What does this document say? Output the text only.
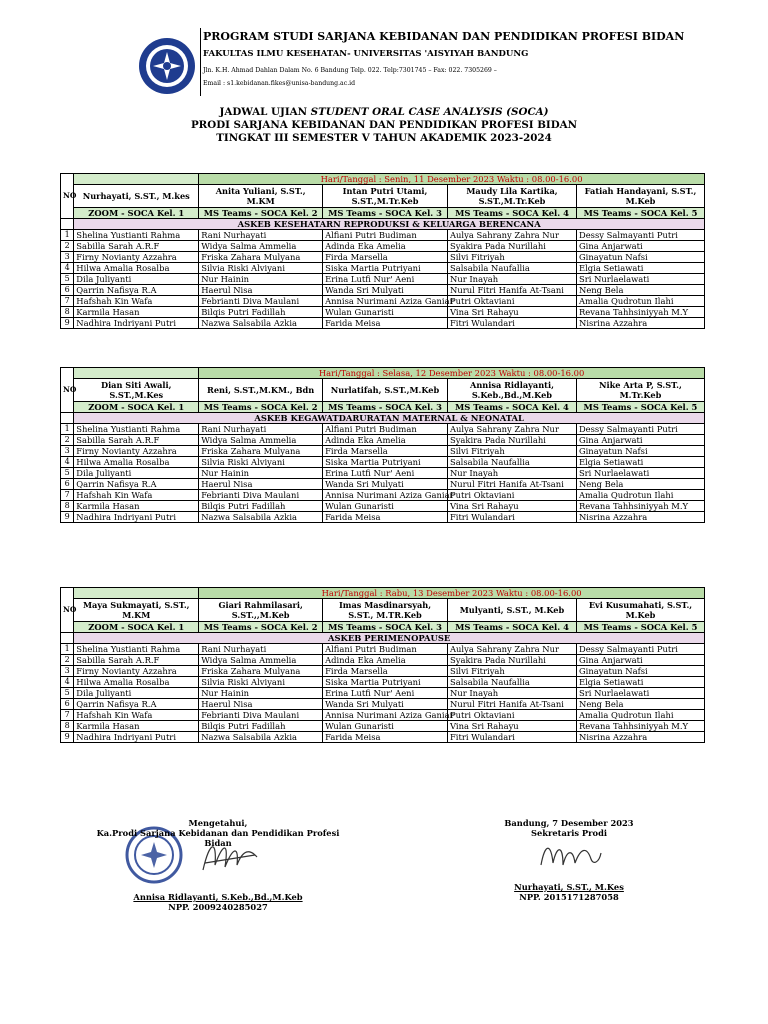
PROGRAM STUDI SARJANA KEBIDANAN DAN PENDIDIKAN PROFESI BIDAN
FAKULTAS ILMU KESEHATAN- UNIVERSITAS 'AISYIYAH BANDUNG
Jln. K.H. Ahmad Dahlan Dalam No. 6 Bandung Telp. 022. Telp:7301745 – Fax: 022. 7305269 –
Email : s1.kebidanan.fikes@unisa-bandung.ac.id
JADWAL UJIAN STUDENT ORAL CASE ANALYSIS (SOCA)
PRODI SARJANA KEBIDANAN DAN PENDIDIKAN PROFESI BIDAN
TINGKAT III SEMESTER V TAHUN AKADEMIK 2023-2024
NO		Hari/Tanggal : Senin, 11 Desember 2023 Waktu : 08.00-16.00			
	Nurhayati, S.ST., M.kes	Anita Yuliani, S.ST., M.KM	Intan Putri Utami, S.ST.,M.Tr.Keb	Maudy Lila Kartika, S.ST.,M.Tr.Keb	Fatiah Handayani, S.ST., M.Keb
	ZOOM - SOCA Kel. 1	MS Teams - SOCA Kel. 2	MS Teams - SOCA Kel. 3	MS Teams - SOCA Kel. 4	MS Teams - SOCA Kel. 5
	ASKEB KESEHATARN REPRODUKSI & KELUARGA BERENCANA				
1	Shelina Yustianti Rahma	Rani Nurhayati	Alfiani Putri Budiman	Aulya Sahrany Zahra Nur	Dessy Salmayanti Putri
2	Sabilla Sarah A.R.F	Widya Salma Ammelia	Adinda Eka Amelia	Syakira Pada Nurillahi	Gina Anjarwati
3	Firny Novianty Azzahra	Friska Zahara Mulyana	Firda Marsella	Silvi Fitriyah	Ginayatun Nafsi
4	Hilwa Amalia Rosalba	Silvia Riski Alviyani	Siska Martia Putriyani	Salsabila Naufallia	Elgia Setiawati
5	Dila Juliyanti	Nur Hainin	Erina Lutfi Nur' Aeni	Nur Inayah	Sri Nurlaelawati
6	Qarrin Nafisya R.A	Haerul Nisa	Wanda Sri Mulyati	Nurul Fitri Hanifa At-Tsani	Neng Bela
7	Hafshah Kin Wafa	Febrianti Diva Maulani	Annisa Nurimani Aziza Ganiar	Putri Oktaviani	Amalia Qudrotun Ilahi
8	Karmila Hasan	Bilqis Putri Fadillah	Wulan Gunaristi	Vina Sri Rahayu	Revana Tahhsiniyyah M.Y
9	Nadhira Indriyani Putri	Nazwa Salsabila Azkia	Farida Meisa	Fitri Wulandari	Nisrina Azzahra
NO		Hari/Tanggal : Selasa, 12 Desember 2023 Waktu : 08.00-16.00			
	Dian Siti Awali, S.ST.,M.Kes	Reni, S.ST.,M.KM., Bdn	Nurlatifah, S.ST.,M.Keb	Annisa Ridlayanti, S.Keb.,Bd.,M.Keb	Nike Arta P, S.ST., M.Tr.Keb
	ZOOM - SOCA Kel. 1	MS Teams - SOCA Kel. 2	MS Teams - SOCA Kel. 3	MS Teams - SOCA Kel. 4	MS Teams - SOCA Kel. 5
	ASKEB KEGAWATDARURATAN MATERNAL & NEONATAL				
1	Shelina Yustianti Rahma	Rani Nurhayati	Alfiani Putri Budiman	Aulya Sahrany Zahra Nur	Dessy Salmayanti Putri
2	Sabilla Sarah A.R.F	Widya Salma Ammelia	Adinda Eka Amelia	Syakira Pada Nurillahi	Gina Anjarwati
3	Firny Novianty Azzahra	Friska Zahara Mulyana	Firda Marsella	Silvi Fitriyah	Ginayatun Nafsi
4	Hilwa Amalia Rosalba	Silvia Riski Alviyani	Siska Martia Putriyani	Salsabila Naufallia	Elgia Setiawati
5	Dila Juliyanti	Nur Hainin	Erina Lutfi Nur' Aeni	Nur Inayah	Sri Nurlaelawati
6	Qarrin Nafisya R.A	Haerul Nisa	Wanda Sri Mulyati	Nurul Fitri Hanifa At-Tsani	Neng Bela
7	Hafshah Kin Wafa	Febrianti Diva Maulani	Annisa Nurimani Aziza Ganiar	Putri Oktaviani	Amalia Qudrotun Ilahi
8	Karmila Hasan	Bilqis Putri Fadillah	Wulan Gunaristi	Vina Sri Rahayu	Revana Tahhsiniyyah M.Y
9	Nadhira Indriyani Putri	Nazwa Salsabila Azkia	Farida Meisa	Fitri Wulandari	Nisrina Azzahra
NO		Hari/Tanggal : Rabu, 13 Desember 2023 Waktu : 08.00-16.00			
	Maya Sukmayati, S.ST., M.KM	Giari Rahmilasari, S.ST.,,M.Keb	Imas Masdinarsyah, S.ST., M.TR.Keb	Mulyanti, S.ST., M.Keb	Evi Kusumahati, S.ST., M.Keb
	ZOOM - SOCA Kel. 1	MS Teams - SOCA Kel. 2	MS Teams - SOCA Kel. 3	MS Teams - SOCA Kel. 4	MS Teams - SOCA Kel. 5
	ASKEB PERIMENOPAUSE				
1	Shelina Yustianti Rahma	Rani Nurhayati	Alfiani Putri Budiman	Aulya Sahrany Zahra Nur	Dessy Salmayanti Putri
2	Sabilla Sarah A.R.F	Widya Salma Ammelia	Adinda Eka Amelia	Syakira Pada Nurillahi	Gina Anjarwati
3	Firny Novianty Azzahra	Friska Zahara Mulyana	Firda Marsella	Silvi Fitriyah	Ginayatun Nafsi
4	Hilwa Amalia Rosalba	Silvia Riski Alviyani	Siska Martia Putriyani	Salsabila Naufallia	Elgia Setiawati
5	Dila Juliyanti	Nur Hainin	Erina Lutfi Nur' Aeni	Nur Inayah	Sri Nurlaelawati
6	Qarrin Nafisya R.A	Haerul Nisa	Wanda Sri Mulyati	Nurul Fitri Hanifa At-Tsani	Neng Bela
7	Hafshah Kin Wafa	Febrianti Diva Maulani	Annisa Nurimani Aziza Ganiar	Putri Oktaviani	Amalia Qudrotun Ilahi
8	Karmila Hasan	Bilqis Putri Fadillah	Wulan Gunaristi	Vina Sri Rahayu	Revana Tahhsiniyyah M.Y
9	Nadhira Indriyani Putri	Nazwa Salsabila Azkia	Farida Meisa	Fitri Wulandari	Nisrina Azzahra
Mengetahui,
Ka.Prodi Sarjana Kebidanan dan Pendidikan Profesi Bidan
Annisa Ridlayanti, S.Keb.,Bd.,M.Keb
NPP. 2009240285027
Bandung, 7 Desember 2023
Sekretaris Prodi
Nurhayati, S.ST., M.Kes
NPP. 2015171287058
